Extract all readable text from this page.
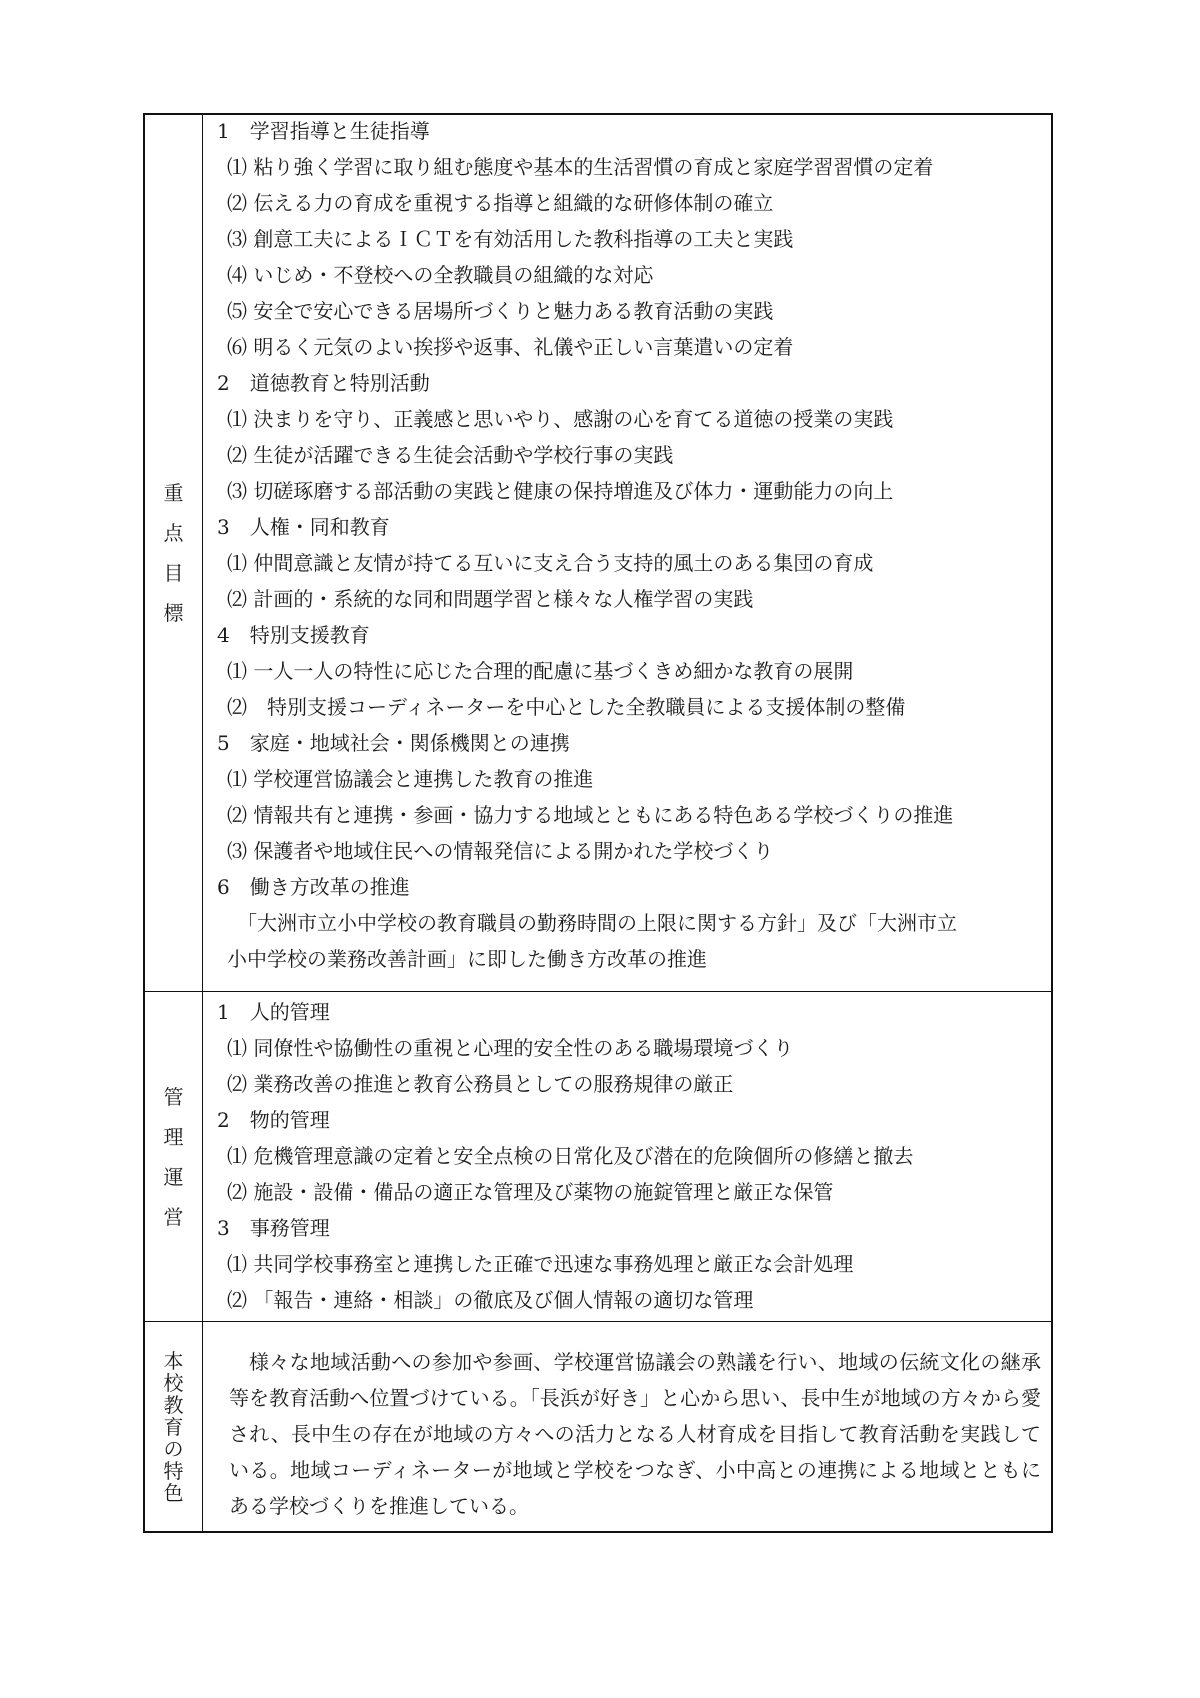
重
点
目
標
1　学習指導と生徒指導
⑴ 粘り強く学習に取り組む態度や基本的生活習慣の育成と家庭学習習慣の定着
⑵ 伝える力の育成を重視する指導と組織的な研修体制の確立
⑶ 創意工夫によるＩＣＴを有効活用した教科指導の工夫と実践
⑷ いじめ・不登校への全教職員の組織的な対応
⑸ 安全で安心できる居場所づくりと魅力ある教育活動の実践
⑹ 明るく元気のよい挨拶や返事、礼儀や正しい言葉遣いの定着
2　道徳教育と特別活動
⑴ 決まりを守り、正義感と思いやり、感謝の心を育てる道徳の授業の実践
⑵ 生徒が活躍できる生徒会活動や学校行事の実践
⑶ 切磋琢磨する部活動の実践と健康の保持増進及び体力・運動能力の向上
3　人権・同和教育
⑴ 仲間意識と友情が持てる互いに支え合う支持的風土のある集団の育成
⑵ 計画的・系統的な同和問題学習と様々な人権学習の実践
4　特別支援教育
⑴ 一人一人の特性に応じた合理的配慮に基づくきめ細かな教育の展開
⑵　特別支援コーディネーターを中心とした全教職員による支援体制の整備
5　家庭・地域社会・関係機関との連携
⑴ 学校運営協議会と連携した教育の推進
⑵ 情報共有と連携・参画・協力する地域とともにある特色ある学校づくりの推進
⑶ 保護者や地域住民への情報発信による開かれた学校づくり
6　働き方改革の推進
　「大洲市立小中学校の教育職員の勤務時間の上限に関する方針」及び「大洲市立
小中学校の業務改善計画」に即した働き方改革の推進
管
理
運
営
1　人的管理
⑴ 同僚性や協働性の重視と心理的安全性のある職場環境づくり
⑵ 業務改善の推進と教育公務員としての服務規律の厳正
2　物的管理
⑴ 危機管理意識の定着と安全点検の日常化及び潜在的危険個所の修繕と撤去
⑵ 施設・設備・備品の適正な管理及び薬物の施錠管理と厳正な保管
3　事務管理
⑴ 共同学校事務室と連携した正確で迅速な事務処理と厳正な会計処理
⑵ 「報告・連絡・相談」の徹底及び個人情報の適切な管理
本
校
教
育
の
特
色
様々な地域活動への参加や参画、学校運営協議会の熟議を行い、地域の伝統文化の継承等を教育活動へ位置づけている。「長浜が好き」と心から思い、長中生が地域の方々から愛され、長中生の存在が地域の方々への活力となる人材育成を目指して教育活動を実践している。地域コーディネーターが地域と学校をつなぎ、小中高との連携による地域とともにある学校づくりを推進している。
